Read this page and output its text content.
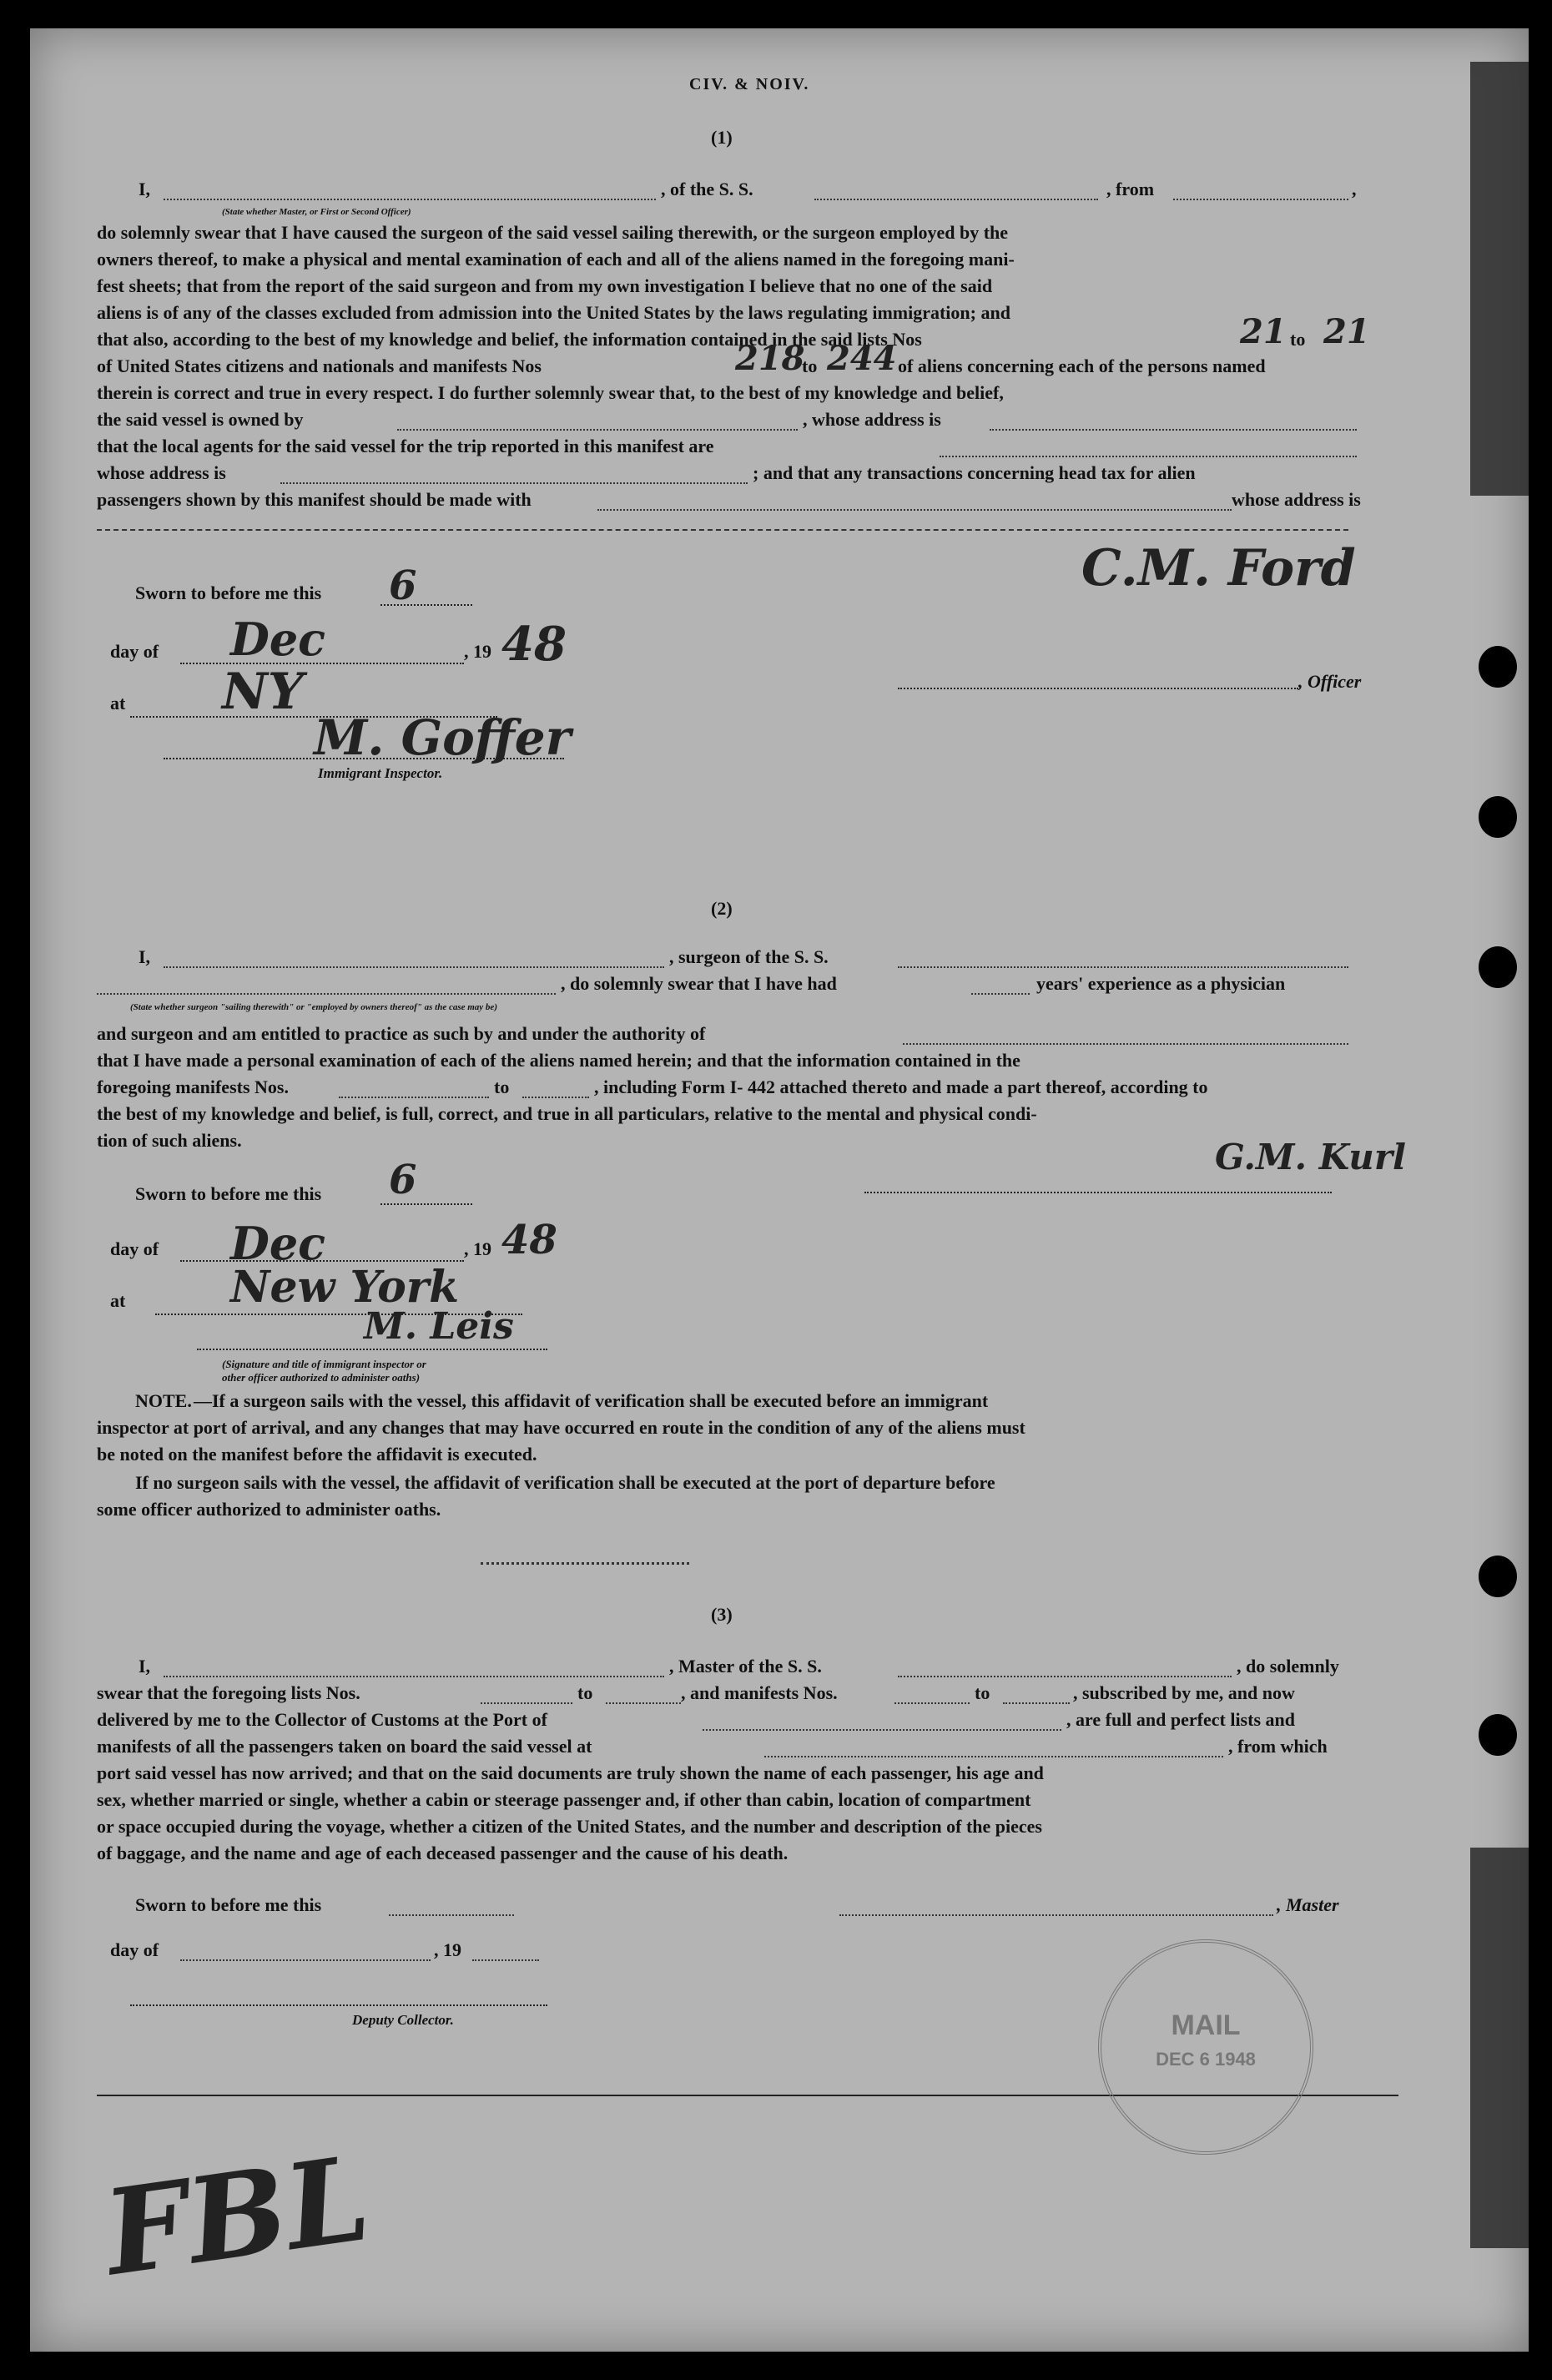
CIV. & NOIV.
(1)
I,	, of the S. S.	, from	,
(State whether Master, or First or Second Officer)
do solemnly swear that I have caused the surgeon of the said vessel sailing therewith, or the surgeon employed by the
owners thereof, to make a physical and mental examination of each and all of the aliens named in the foregoing mani-
fest sheets; that from the report of the said surgeon and from my own investigation I believe that no one of the said
aliens is of any of the classes excluded from admission into the United States by the laws regulating immigration; and
that also, according to the best of my knowledge and belief, the information contained in the said lists Nos	21 to 21
of United States citizens and nationals and manifests Nos	218
to 244 of aliens concerning each of the persons named
therein is correct and true in every respect. I do further solemnly swear that, to the best of my knowledge and belief,
the said vessel is owned by	, whose address is
that the local agents for the said vessel for the trip reported in this manifest are
whose address is	; and that any transactions concerning head tax for alien
passengers shown by this manifest should be made with	whose address is
Sworn to before me this 6
day of Dec	, 19 48
at NY
M. Goffer
Immigrant Inspector.
C.M. Ford
, Officer
(2)
I,	, surgeon of the S. S.
, do solemnly swear that I have had	years' experience as a physician
(State whether surgeon "sailing therewith" or "employed by owners thereof" as the case may be)
and surgeon and am entitled to practice as such by and under the authority of
that I have made a personal examination of each of the aliens named herein; and that the information contained in the
foregoing manifests Nos.	to	, including Form I- 442 attached thereto and made a part thereof, according to
the best of my knowledge and belief, is full, correct, and true in all particulars, relative to the mental and physical condi-
tion of such aliens.
Sworn to before me this 6
day of Dec	, 19 48
at New York
M. Leis
(Signature and title of immigrant inspector or
other officer authorized to administer oaths)
G.M. Kurl
NOTE. —If a surgeon sails with the vessel, this affidavit of verification shall be executed before an immigrant
inspector at port of arrival, and any changes that may have occurred en route in the condition of any of the aliens must
be noted on the manifest before the affidavit is executed.
If no surgeon sails with the vessel, the affidavit of verification shall be executed at the port of departure before
some officer authorized to administer oaths.
(3)
I,	, Master of the S. S.	, do solemnly
swear that the foregoing lists Nos.	to	, and manifests Nos.	to	, subscribed by me, and now
delivered by me to the Collector of Customs at the Port of	, are full and perfect lists and
manifests of all the passengers taken on board the said vessel at	, from which
port said vessel has now arrived; and that on the said documents are truly shown the name of each passenger, his age and
sex, whether married or single, whether a cabin or steerage passenger and, if other than cabin, location of compartment
or space occupied during the voyage, whether a citizen of the United States, and the number and description of the pieces
of baggage, and the name and age of each deceased passenger and the cause of his death.
Sworn to before me this	, Master
day of	, 19
Deputy Collector.	MAIL
DEC 6 1948
FBL
